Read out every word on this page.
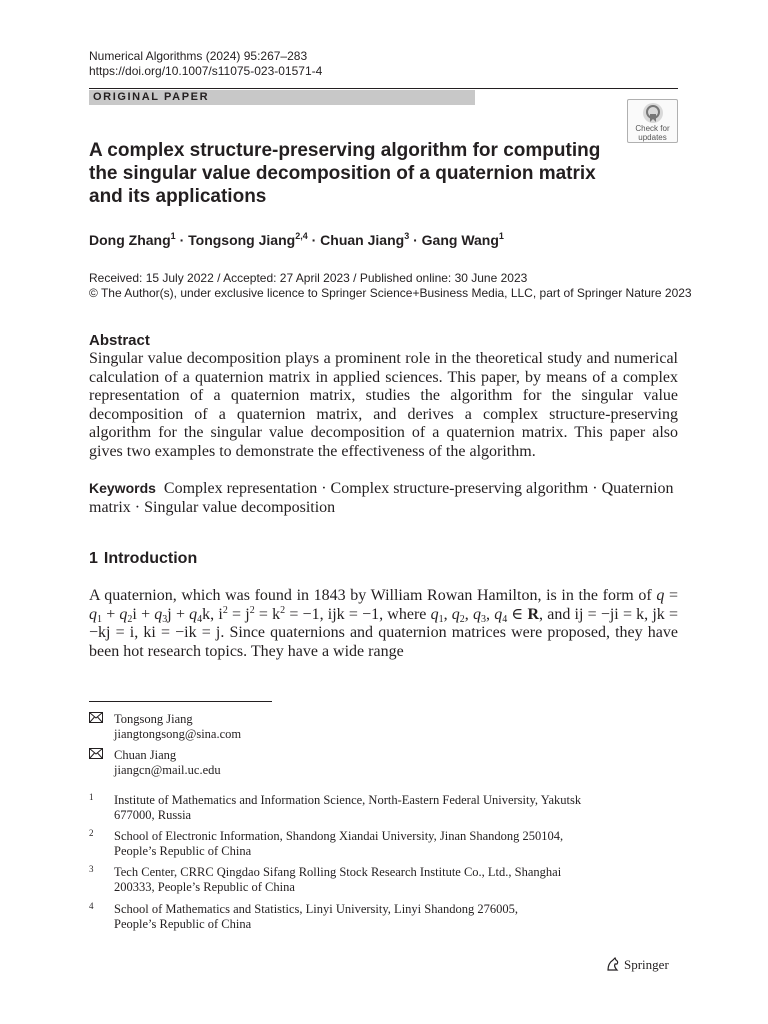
Numerical Algorithms (2024) 95:267–283
https://doi.org/10.1007/s11075-023-01571-4
ORIGINAL PAPER
Check for
updates
A complex structure-preserving algorithm for computing the singular value decomposition of a quaternion matrix and its applications
Dong Zhang$^1$ · Tongsong Jiang$^{2,4}$ · Chuan Jiang$^3$ · Gang Wang$^1$
Received: 15 July 2022 / Accepted: 27 April 2023 / Published online: 30 June 2023
© The Author(s), under exclusive licence to Springer Science+Business Media, LLC, part of Springer Nature 2023
Abstract

Singular value decomposition plays a prominent role in the theoretical study and numerical calculation of a quaternion matrix in applied sciences. This paper, by means of a complex representation of a quaternion matrix, studies the algorithm for the singular value decomposition of a quaternion matrix, and derives a complex structure-preserving algorithm for the singular value decomposition of a quaternion matrix. This paper also gives two examples to demonstrate the effectiveness of the algorithm.

Keywords Complex representation · Complex structure-preserving algorithm · Quaternion matrix · Singular value decomposition

1 Introduction

A quaternion, which was found in 1843 by William Rowan Hamilton, is in the form of $q = q_1 + q_2i + q_3j + q_4k$, $i^2 = j^2 = k^2 = -1$, ijk = −1, where $q_1$, $q_2$, $q_3$, $q_4$ ∈ R, and ij = −ji = k, jk = −kj = i, ki = −ik = j. Since quaternions and quaternion matrices were proposed, they have been hot research topics. They have a wide range

Tongsong Jiang
jiangtongsong@sina.com
Chuan Jiang
jiangcn@mail.uc.edu
1	Institute of Mathematics and Information Science, North-Eastern Federal University, Yakutsk
677000, Russia
2	School of Electronic Information, Shandong Xiandai University, Jinan Shandong 250104,
People’s Republic of China
3	Tech Center, CRRC Qingdao Sifang Rolling Stock Research Institute Co., Ltd., Shanghai
200333, People’s Republic of China
4	School of Mathematics and Statistics, Linyi University, Linyi Shandong 276005,
People’s Republic of China
Springer
